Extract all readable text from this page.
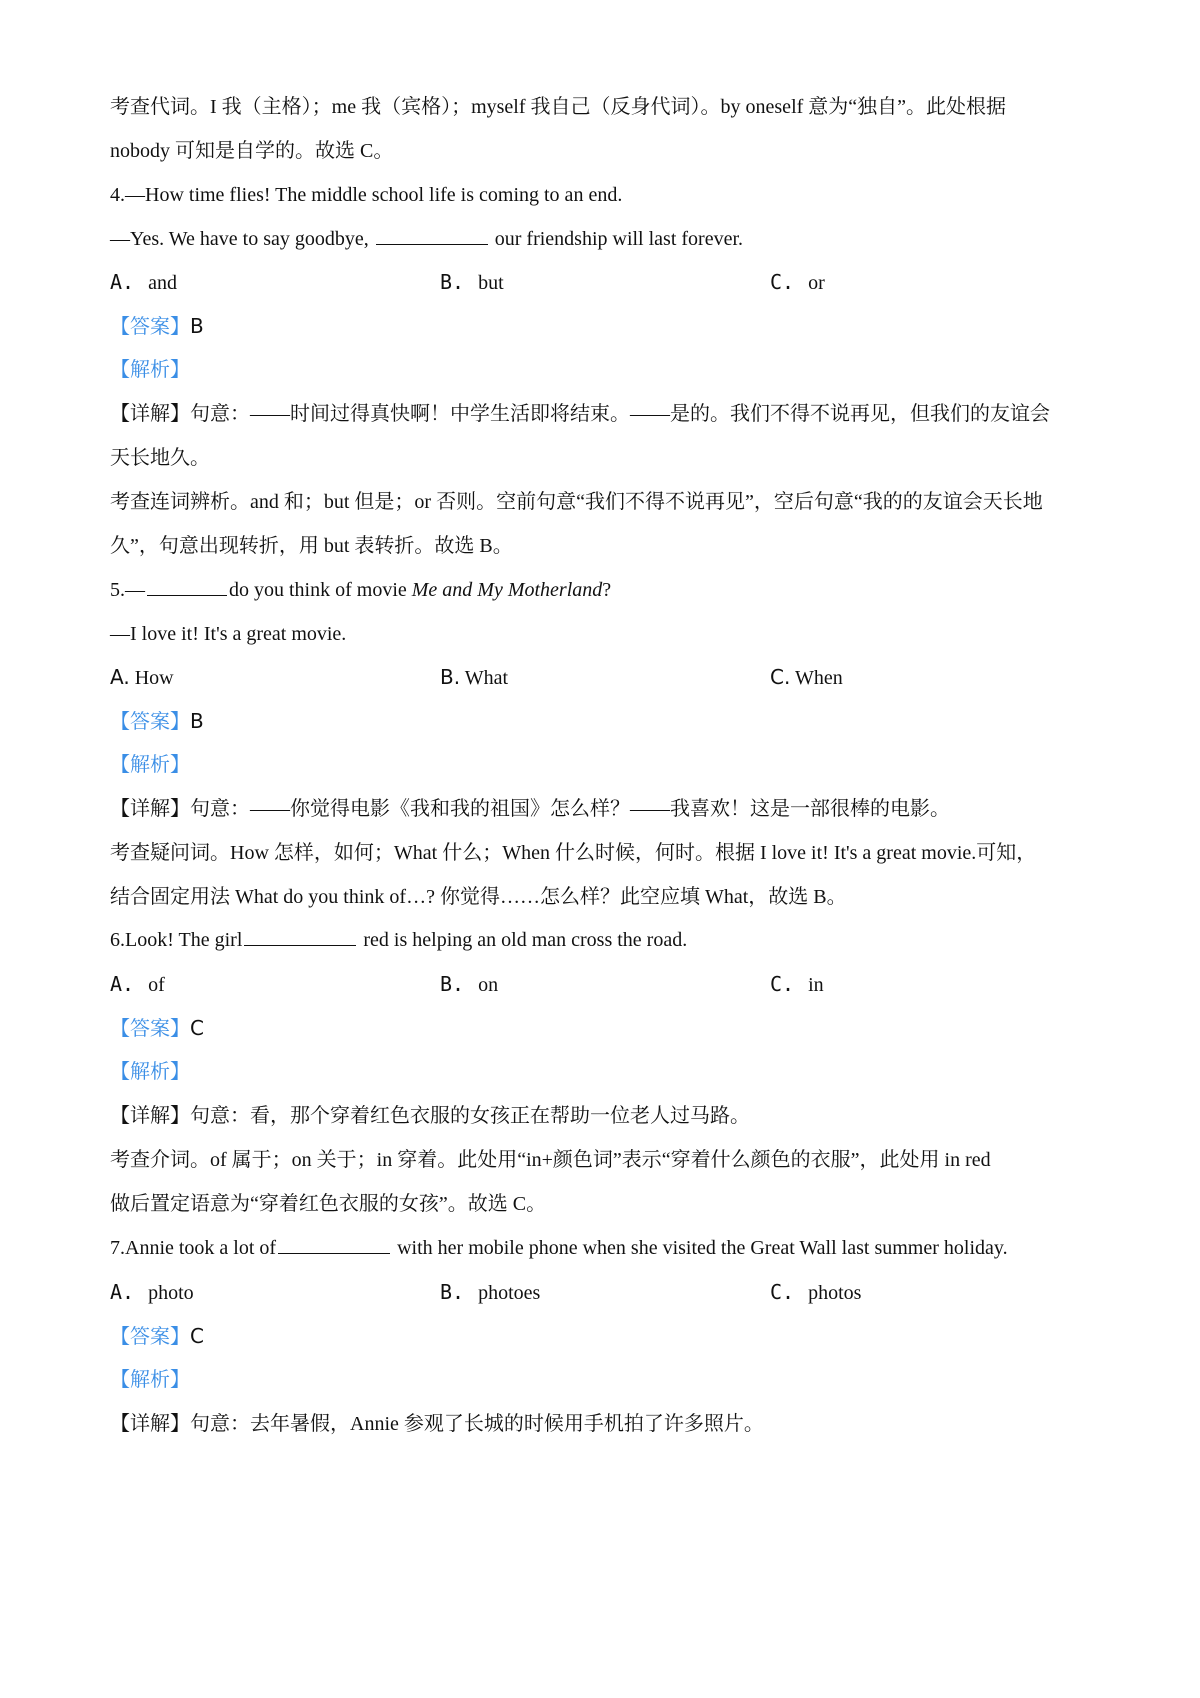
考查代词。I 我（主格）；me 我（宾格）；myself 我自己（反身代词）。by oneself 意为“独自”。此处根据
nobody 可知是自学的。故选 C。
4.—How time flies! The middle school life is coming to an end.
—Yes. We have to say goodbye,	our friendship will last forever.
A. and	B. but	C. or
【答案】B
【解析】
【详解】句意：——时间过得真快啊！中学生活即将结束。——是的。我们不得不说再见，但我们的友谊会
天长地久。
考查连词辨析。and 和；but 但是；or 否则。空前句意“我们不得不说再见”，空后句意“我的的友谊会天长地
久”，句意出现转折，用 but 表转折。故选 B。
5.—	do you think of movie Me and My Motherland?
—I love it! It's a great movie.
A. How	B. What	C. When
【答案】B
【解析】
【详解】句意：——你觉得电影《我和我的祖国》怎么样？——我喜欢！这是一部很棒的电影。
考查疑问词。How 怎样，如何；What 什么；When 什么时候，何时。根据 I love it! It's a great movie.可知，
结合固定用法 What do you think of…? 你觉得……怎么样？此空应填 What，故选 B。
6.Look! The girl	red is helping an old man cross the road.
A. of	B. on	C. in
【答案】C
【解析】
【详解】句意：看，那个穿着红色衣服的女孩正在帮助一位老人过马路。
考查介词。of 属于；on 关于；in 穿着。此处用“in+颜色词”表示“穿着什么颜色的衣服”，此处用 in red
做后置定语意为“穿着红色衣服的女孩”。故选 C。
7.Annie took a lot of	with her mobile phone when she visited the Great Wall last summer holiday.
A. photo	B. photoes	C. photos
【答案】C
【解析】
【详解】句意：去年暑假，Annie 参观了长城的时候用手机拍了许多照片。
